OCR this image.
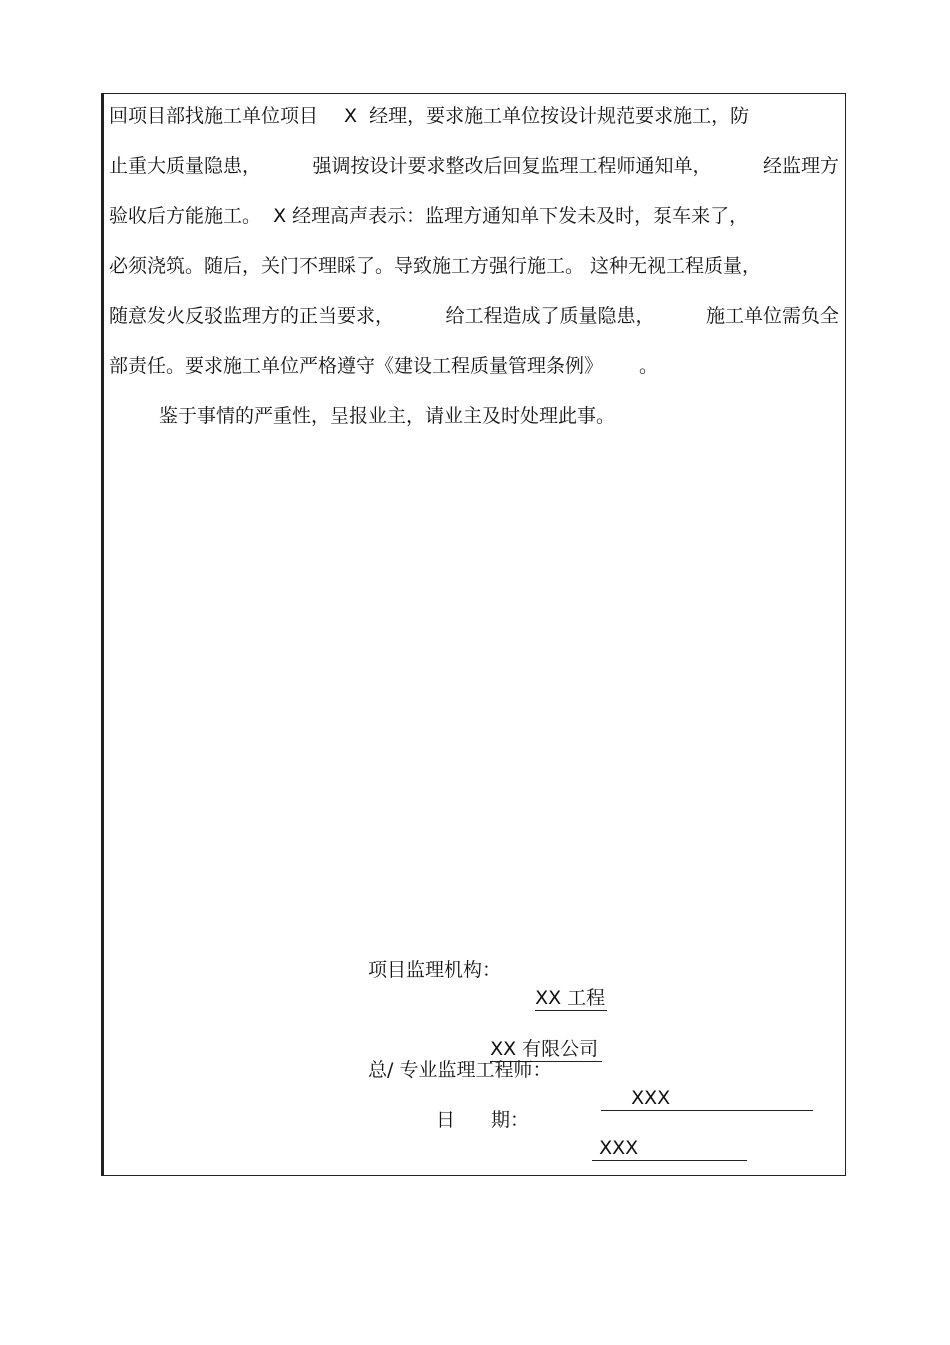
回项目部找施工单位项目 X  经理，要求施工单位按设计规范要求施工，防
止重大质量隐患，	强调按设计要求整改后回复监理工程师通知单，	经监理方
验收后方能施工。  X 经理高声表示：监理方通知单下发未及时，泵车来了，
必须浇筑。随后，关门不理睬了。导致施工方强行施工。 这种无视工程质量，
随意发火反驳监理方的正当要求，	给工程造成了质量隐患，	施工单位需负全
部责任。要求施工单位严格遵守《建设工程质量管理条例》 。
鉴于事情的严重性，呈报业主，请业主及时处理此事。
项目监理机构：

XX 工程

XX 有限公司

总/ 专业监理工程师：

XXX

日 期：

XXX
